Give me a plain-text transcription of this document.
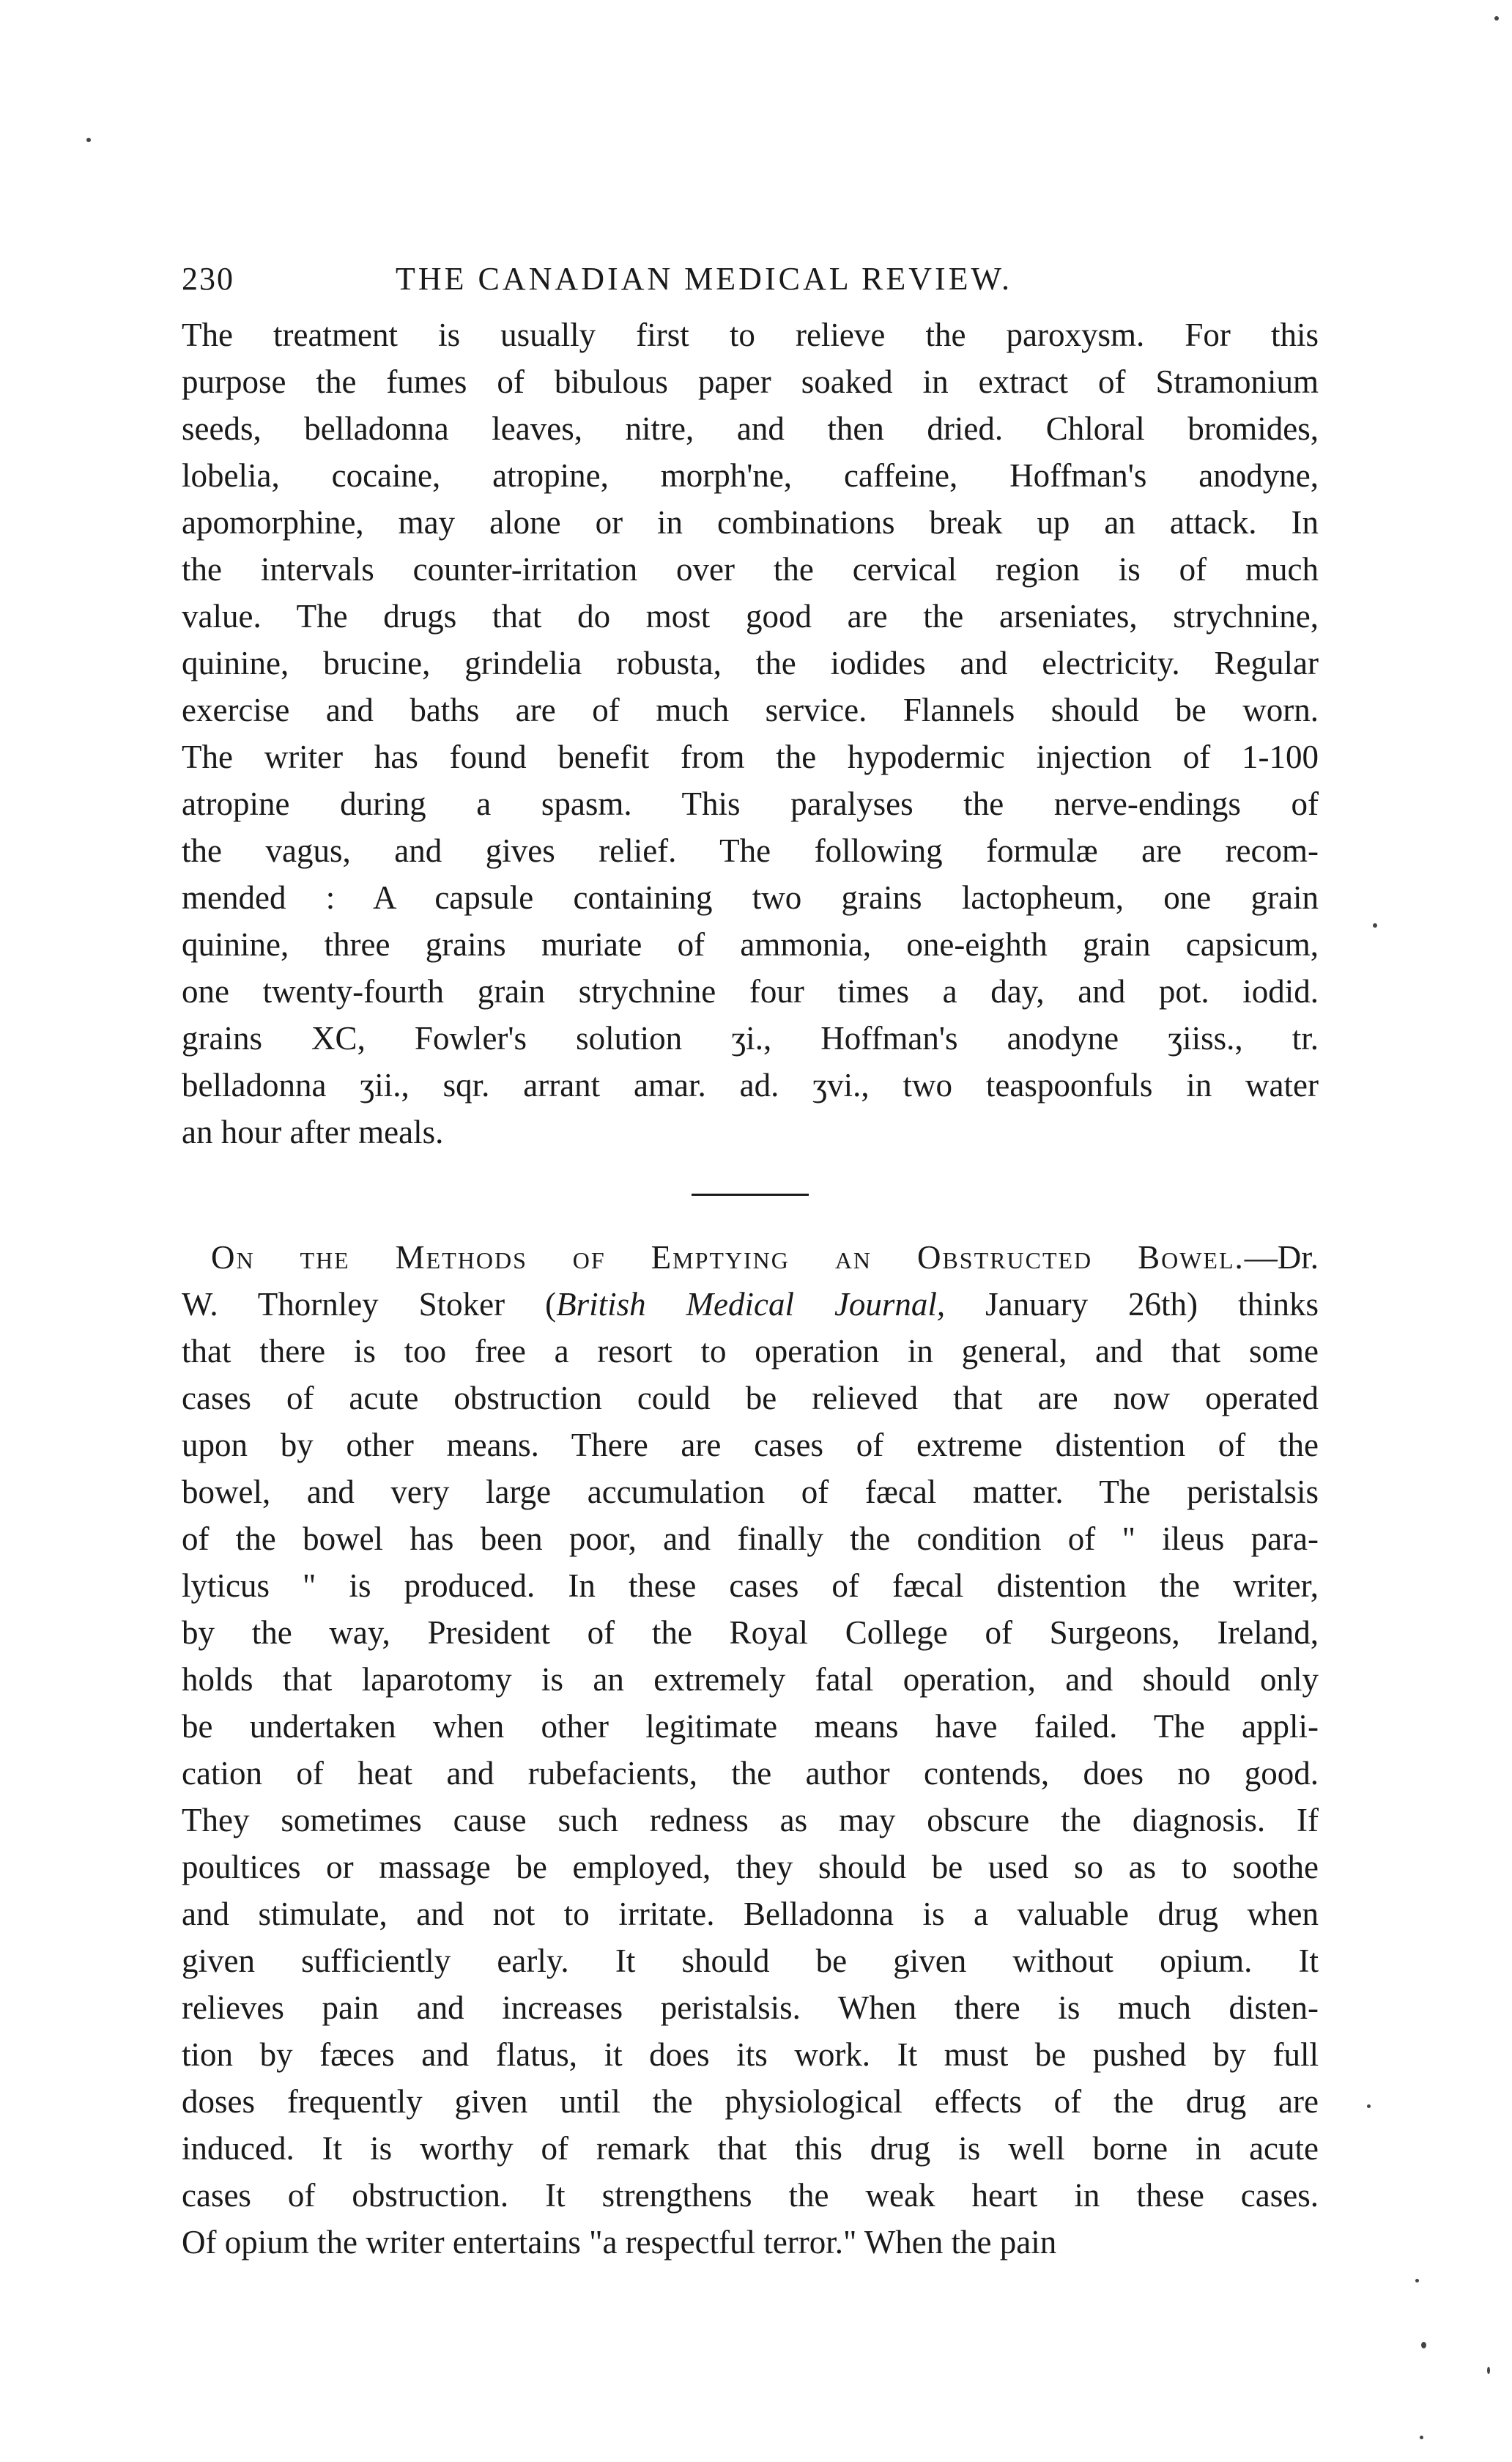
230	THE CANADIAN MEDICAL REVIEW.

The treatment is usually first to relieve the paroxysm. For this

purpose the fumes of bibulous paper soaked in extract of Stramonium

seeds, belladonna leaves, nitre, and then dried. Chloral bromides,

lobelia, cocaine, atropine, morph'ne, caffeine, Hoffman's anodyne,

apomorphine, may alone or in combinations break up an attack. In

the intervals counter-irritation over the cervical region is of much

value. The drugs that do most good are the arseniates, strychnine,

quinine, brucine, grindelia robusta, the iodides and electricity. Regular

exercise and baths are of much service. Flannels should be worn.

The writer has found benefit from the hypodermic injection of 1-100

atropine during a spasm. This paralyses the nerve-endings of

the vagus, and gives relief. The following formulæ are recom-

mended : A capsule containing two grains lactopheum, one grain

quinine, three grains muriate of ammonia, one-eighth grain capsicum,

one twenty-fourth grain strychnine four times a day, and pot. iodid.

grains XC, Fowler's solution ʒi., Hoffman's anodyne ʒiiss., tr.

belladonna ʒii., sqr. arrant amar. ad. ʒvi., two teaspoonfuls in water

an hour after meals.

On the Methods of Emptying an Obstructed Bowel.—Dr.

W. Thornley Stoker (British Medical Journal, January 26th) thinks

that there is too free a resort to operation in general, and that some

cases of acute obstruction could be relieved that are now operated

upon by other means. There are cases of extreme distention of the

bowel, and very large accumulation of fæcal matter. The peristalsis

of the bowel has been poor, and finally the condition of " ileus para-

lyticus " is produced. In these cases of fæcal distention the writer,

by the way, President of the Royal College of Surgeons, Ireland,

holds that laparotomy is an extremely fatal operation, and should only

be undertaken when other legitimate means have failed. The appli-

cation of heat and rubefacients, the author contends, does no good.

They sometimes cause such redness as may obscure the diagnosis. If

poultices or massage be employed, they should be used so as to soothe

and stimulate, and not to irritate. Belladonna is a valuable drug when

given sufficiently early. It should be given without opium. It

relieves pain and increases peristalsis. When there is much disten-

tion by fæces and flatus, it does its work. It must be pushed by full

doses frequently given until the physiological effects of the drug are

induced. It is worthy of remark that this drug is well borne in acute

cases of obstruction. It strengthens the weak heart in these cases.

Of opium the writer entertains "a respectful terror." When the pain
